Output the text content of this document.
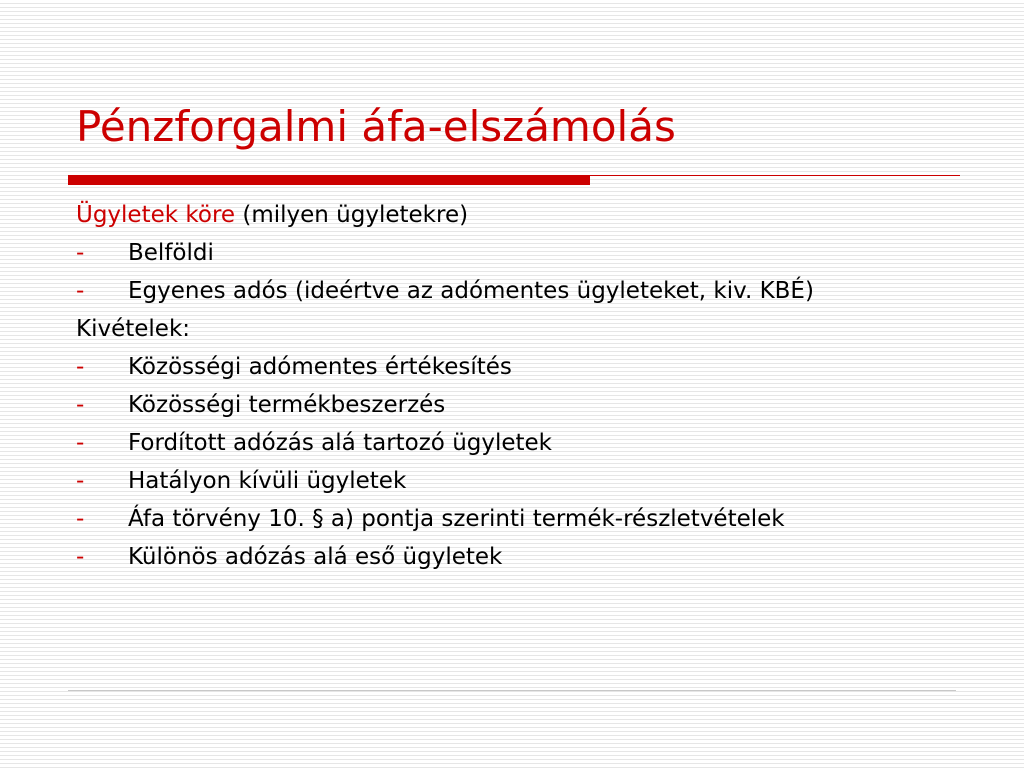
Pénzforgalmi áfa-elszámolás

Ügyletek köre (milyen ügyletekre)

-	Belföldi
-	Egyenes adós (ideértve az adómentes ügyleteket, kiv. KBÉ)

Kivételek:

-	Közösségi adómentes értékesítés
-	Közösségi termékbeszerzés
-	Fordított adózás alá tartozó ügyletek
-	Hatályon kívüli ügyletek
-	Áfa törvény 10. § a) pontja szerinti termék-részletvételek
-	Különös adózás alá eső ügyletek
